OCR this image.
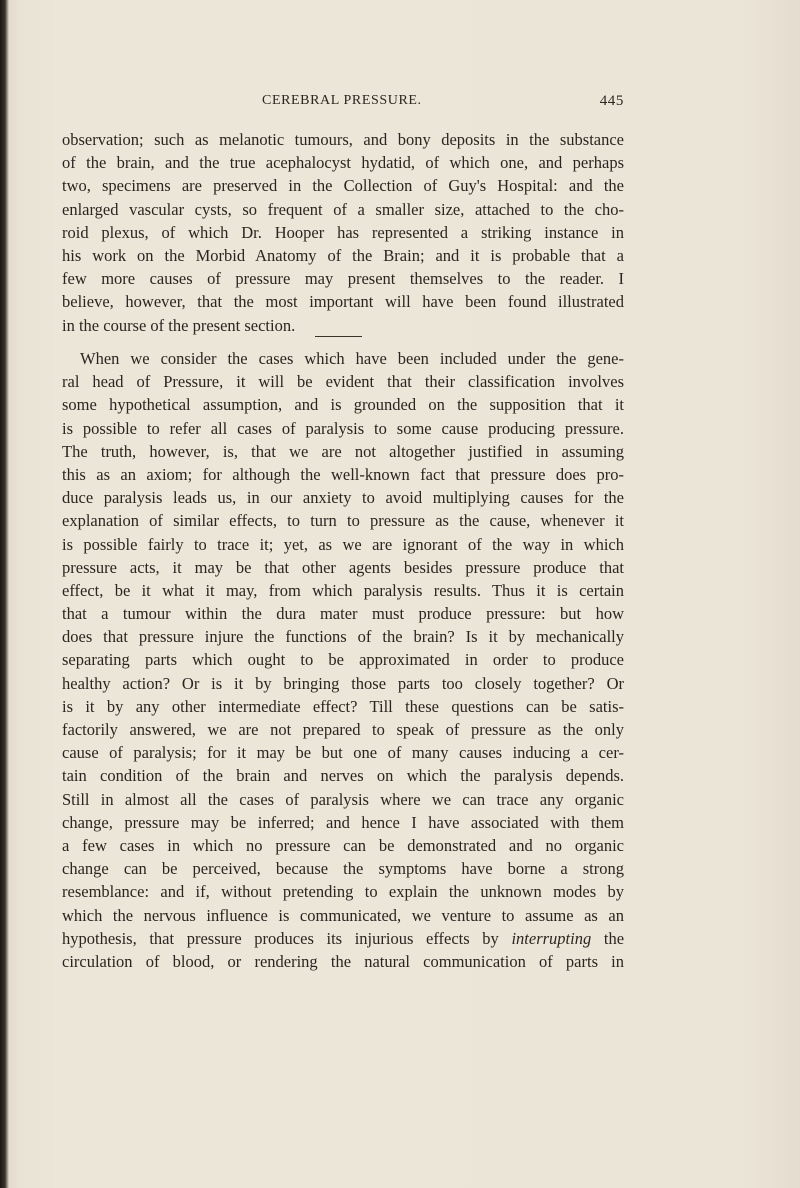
CEREBRAL PRESSURE.	445
observation; such as melanotic tumours, and bony deposits in the substance
of the brain, and the true acephalocyst hydatid, of which one, and perhaps
two, specimens are preserved in the Collection of Guy's Hospital: and the
enlarged vascular cysts, so frequent of a smaller size, attached to the cho-
roid plexus, of which Dr. Hooper has represented a striking instance in
his work on the Morbid Anatomy of the Brain; and it is probable that a
few more causes of pressure may present themselves to the reader. I
believe, however, that the most important will have been found illustrated
in the course of the present section.
When we consider the cases which have been included under the gene-
ral head of Pressure, it will be evident that their classification involves
some hypothetical assumption, and is grounded on the supposition that it
is possible to refer all cases of paralysis to some cause producing pressure.
The truth, however, is, that we are not altogether justified in assuming
this as an axiom; for although the well-known fact that pressure does pro-
duce paralysis leads us, in our anxiety to avoid multiplying causes for the
explanation of similar effects, to turn to pressure as the cause, whenever it
is possible fairly to trace it; yet, as we are ignorant of the way in which
pressure acts, it may be that other agents besides pressure produce that
effect, be it what it may, from which paralysis results. Thus it is certain
that a tumour within the dura mater must produce pressure: but how
does that pressure injure the functions of the brain? Is it by mechanically
separating parts which ought to be approximated in order to produce
healthy action? Or is it by bringing those parts too closely together? Or
is it by any other intermediate effect? Till these questions can be satis-
factorily answered, we are not prepared to speak of pressure as the only
cause of paralysis; for it may be but one of many causes inducing a cer-
tain condition of the brain and nerves on which the paralysis depends.
Still in almost all the cases of paralysis where we can trace any organic
change, pressure may be inferred; and hence I have associated with them
a few cases in which no pressure can be demonstrated and no organic
change can be perceived, because the symptoms have borne a strong
resemblance: and if, without pretending to explain the unknown modes by
which the nervous influence is communicated, we venture to assume as an
hypothesis, that pressure produces its injurious effects by interrupting the
circulation of blood, or rendering the natural communication of parts in
